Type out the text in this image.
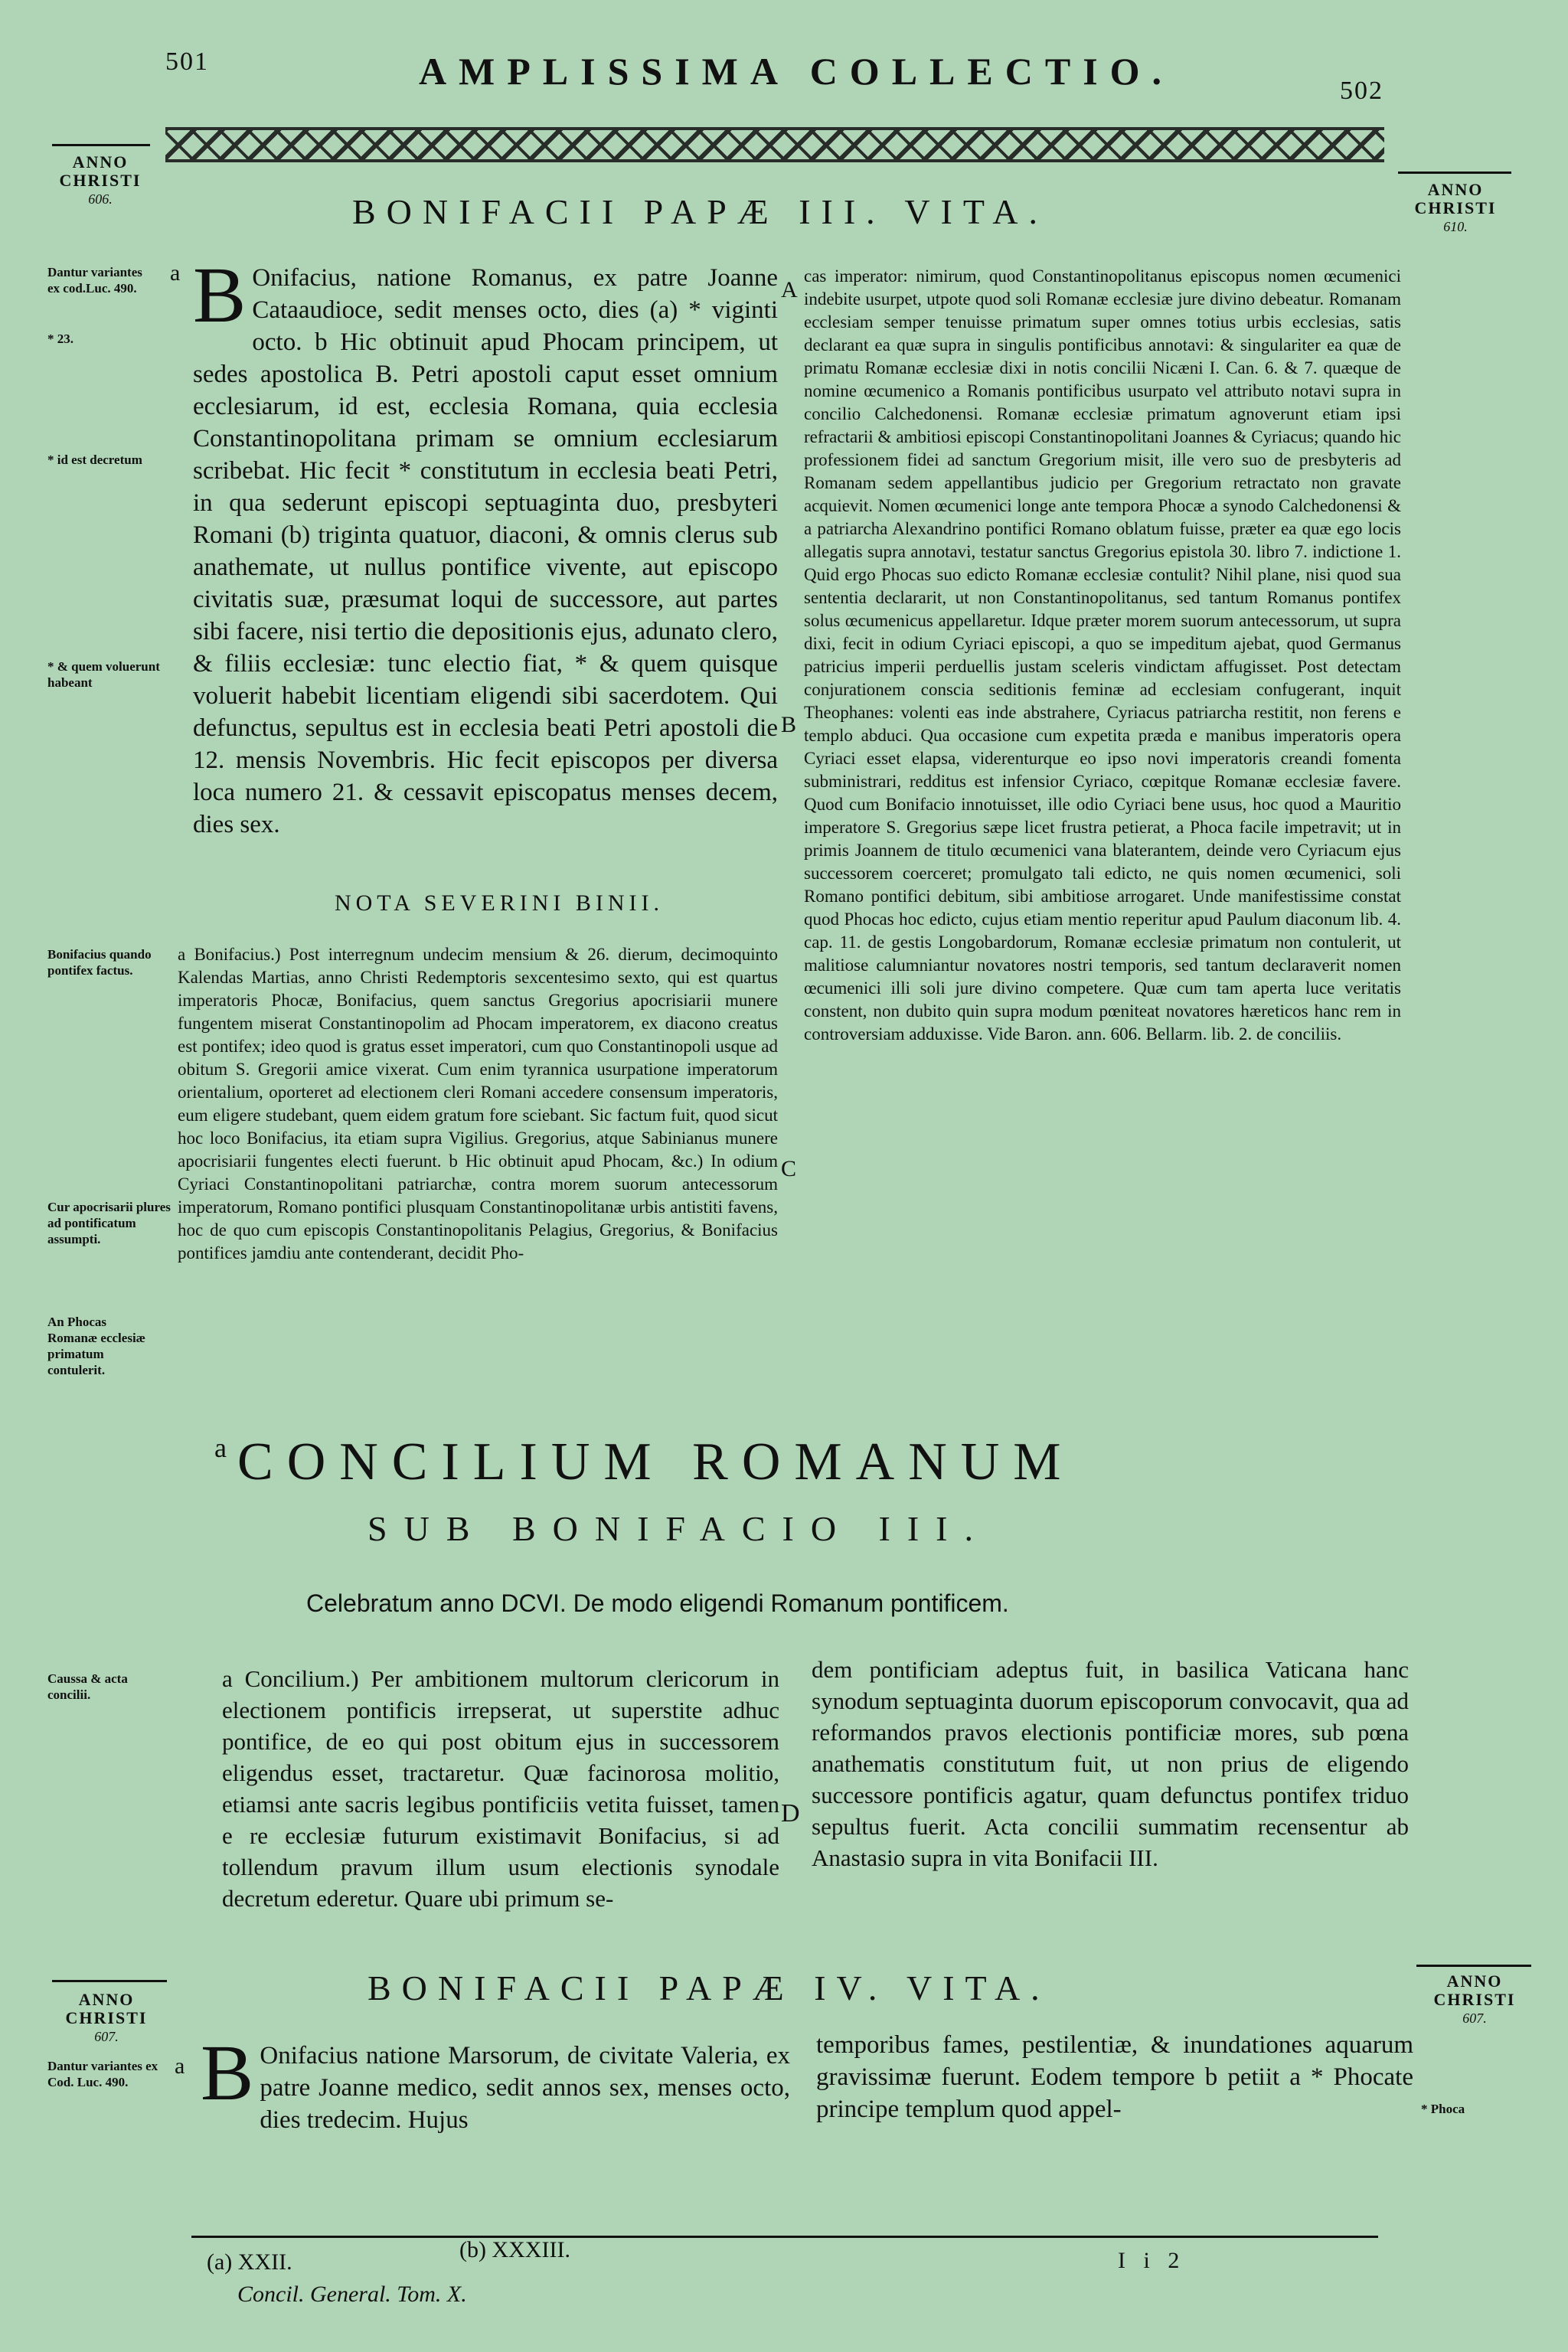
501	AMPLISSIMA COLLECTIO.	502
ANNO
CHRISTI
606.	ANNO
CHRISTI
610.
BONIFACII PAPÆ III. VITA.
Dantur variantes ex cod.Luc. 490.
* 23.
* id est decretum
* & quem voluerunt habeant
a B Onifacius, natione Romanus, ex patre Joanne Cataaudioce, sedit menses octo, dies (a) * viginti octo. b Hic obtinuit apud Phocam principem, ut sedes apostolica B. Petri apostoli caput esset omnium ecclesiarum, id est, ecclesia Romana, quia ecclesia Constantinopolitana primam se omnium ecclesiarum scribebat. Hic fecit * constitutum in ecclesia beati Petri, in qua sederunt episcopi septuaginta duo, presbyteri Romani (b) triginta quatuor, diaconi, & omnis clerus sub anathemate, ut nullus pontifice vivente, aut episcopo civitatis suæ, præsumat loqui de successore, aut partes sibi facere, nisi tertio die depositionis ejus, adunato clero, & filiis ecclesiæ: tunc electio fiat, * & quem quisque voluerit habebit licentiam eligendi sibi sacerdotem. Qui defunctus, sepultus est in ecclesia beati Petri apostoli die 12. mensis Novembris. Hic fecit episcopos per diversa loca numero 21. & cessavit episcopatus menses decem, dies sex.
NOTA SEVERINI BINII.
Bonifacius quando pontifex factus.
Cur apocrisarii plures ad pontificatum assumpti.
An Phocas Romanæ ecclesiæ primatum contulerit.
a Bonifacius.) Post interregnum undecim mensium & 26. dierum, decimoquinto Kalendas Martias, anno Christi Redemptoris sexcentesimo sexto, qui est quartus imperatoris Phocæ, Bonifacius, quem sanctus Gregorius apocrisiarii munere fungentem miserat Constantinopolim ad Phocam imperatorem, ex diacono creatus est pontifex; ideo quod is gratus esset imperatori, cum quo Constantinopoli usque ad obitum S. Gregorii amice vixerat. Cum enim tyrannica usurpatione imperatorum orientalium, oporteret ad electionem cleri Romani accedere consensum imperatoris, eum eligere studebant, quem eidem gratum fore sciebant. Sic factum fuit, quod sicut hoc loco Bonifacius, ita etiam supra Vigilius. Gregorius, atque Sabinianus munere apocrisiarii fungentes electi fuerunt. b Hic obtinuit apud Phocam, &c.) In odium Cyriaci Constantinopolitani patriarchæ, contra morem suorum antecessorum imperatorum, Romano pontifici plusquam Constantinopolitanæ urbis antistiti favens, hoc de quo cum episcopis Constantinopolitanis Pelagius, Gregorius, & Bonifacius pontifices jamdiu ante contenderant, decidit Pho-
A
B
C
cas imperator: nimirum, quod Constantinopolitanus episcopus nomen œcumenici indebite usurpet, utpote quod soli Romanæ ecclesiæ jure divino debeatur. Romanam ecclesiam semper tenuisse primatum super omnes totius urbis ecclesias, satis declarant ea quæ supra in singulis pontificibus annotavi: & singulariter ea quæ de primatu Romanæ ecclesiæ dixi in notis concilii Nicæni I. Can. 6. & 7. quæque de nomine œcumenico a Romanis pontificibus usurpato vel attributo notavi supra in concilio Calchedonensi. Romanæ ecclesiæ primatum agnoverunt etiam ipsi refractarii & ambitiosi episcopi Constantinopolitani Joannes & Cyriacus; quando hic professionem fidei ad sanctum Gregorium misit, ille vero suo de presbyteris ad Romanam sedem appellantibus judicio per Gregorium retractato non gravate acquievit. Nomen œcumenici longe ante tempora Phocæ a synodo Calchedonensi & a patriarcha Alexandrino pontifici Romano oblatum fuisse, præter ea quæ ego locis allegatis supra annotavi, testatur sanctus Gregorius epistola 30. libro 7. indictione 1. Quid ergo Phocas suo edicto Romanæ ecclesiæ contulit? Nihil plane, nisi quod sua sententia declararit, ut non Constantinopolitanus, sed tantum Romanus pontifex solus œcumenicus appellaretur. Idque præter morem suorum antecessorum, ut supra dixi, fecit in odium Cyriaci episcopi, a quo se impeditum ajebat, quod Germanus patricius imperii perduellis justam sceleris vindictam affugisset. Post detectam conjurationem conscia seditionis feminæ ad ecclesiam confugerant, inquit Theophanes: volenti eas inde abstrahere, Cyriacus patriarcha restitit, non ferens e templo abduci. Qua occasione cum expetita præda e manibus imperatoris opera Cyriaci esset elapsa, viderenturque eo ipso novi imperatoris creandi fomenta subministrari, redditus est infensior Cyriaco, cœpitque Romanæ ecclesiæ favere. Quod cum Bonifacio innotuisset, ille odio Cyriaci bene usus, hoc quod a Mauritio imperatore S. Gregorius sæpe licet frustra petierat, a Phoca facile impetravit; ut in primis Joannem de titulo œcumenici vana blaterantem, deinde vero Cyriacum ejus successorem coerceret; promulgato tali edicto, ne quis nomen œcumenici, soli Romano pontifici debitum, sibi ambitiose arrogaret. Unde manifestissime constat quod Phocas hoc edicto, cujus etiam mentio reperitur apud Paulum diaconum lib. 4. cap. 11. de gestis Longobardorum, Romanæ ecclesiæ primatum non contulerit, ut malitiose calumniantur novatores nostri temporis, sed tantum declaraverit nomen œcumenici illi soli jure divino competere. Quæ cum tam aperta luce veritatis constent, non dubito quin supra modum pœniteat novatores hæreticos hanc rem in controversiam adduxisse. Vide Baron. ann. 606. Bellarm. lib. 2. de conciliis.
a CONCILIUM ROMANUM
SUB BONIFACIO III.
Celebratum anno DCVI. De modo eligendi Romanum pontificem.
Caussa & acta concilii.
a Concilium.) Per ambitionem multorum clericorum in electionem pontificis irrepserat, ut superstite adhuc pontifice, de eo qui post obitum ejus in successorem eligendus esset, tractaretur. Quæ facinorosa molitio, etiamsi ante sacris legibus pontificiis vetita fuisset, tamen e re ecclesiæ futurum existimavit Bonifacius, si ad tollendum pravum illum usum electionis synodale decretum ederetur. Quare ubi primum se-
D
dem pontificiam adeptus fuit, in basilica Vaticana hanc synodum septuaginta duorum episcoporum convocavit, qua ad reformandos pravos electionis pontificiæ mores, sub pœna anathematis constitutum fuit, ut non prius de eligendo successore pontificis agatur, quam defunctus pontifex triduo sepultus fuerit. Acta concilii summatim recensentur ab Anastasio supra in vita Bonifacii III.
ANNO
CHRISTI
607.
ANNO
CHRISTI
607.
BONIFACII PAPÆ IV. VITA.
Dantur variantes ex Cod. Luc. 490.
* Phoca
a B Onifacius natione Marsorum, de civitate Valeria, ex patre Joanne medico, sedit annos sex, menses octo, dies tredecim. Hujus
temporibus fames, pestilentiæ, & inundationes aquarum gravissimæ fuerunt. Eodem tempore b petiit a * Phocate principe templum quod appel-
(a) XXII.	(b) XXXIII.
Concil. General. Tom. X.
I i 2
